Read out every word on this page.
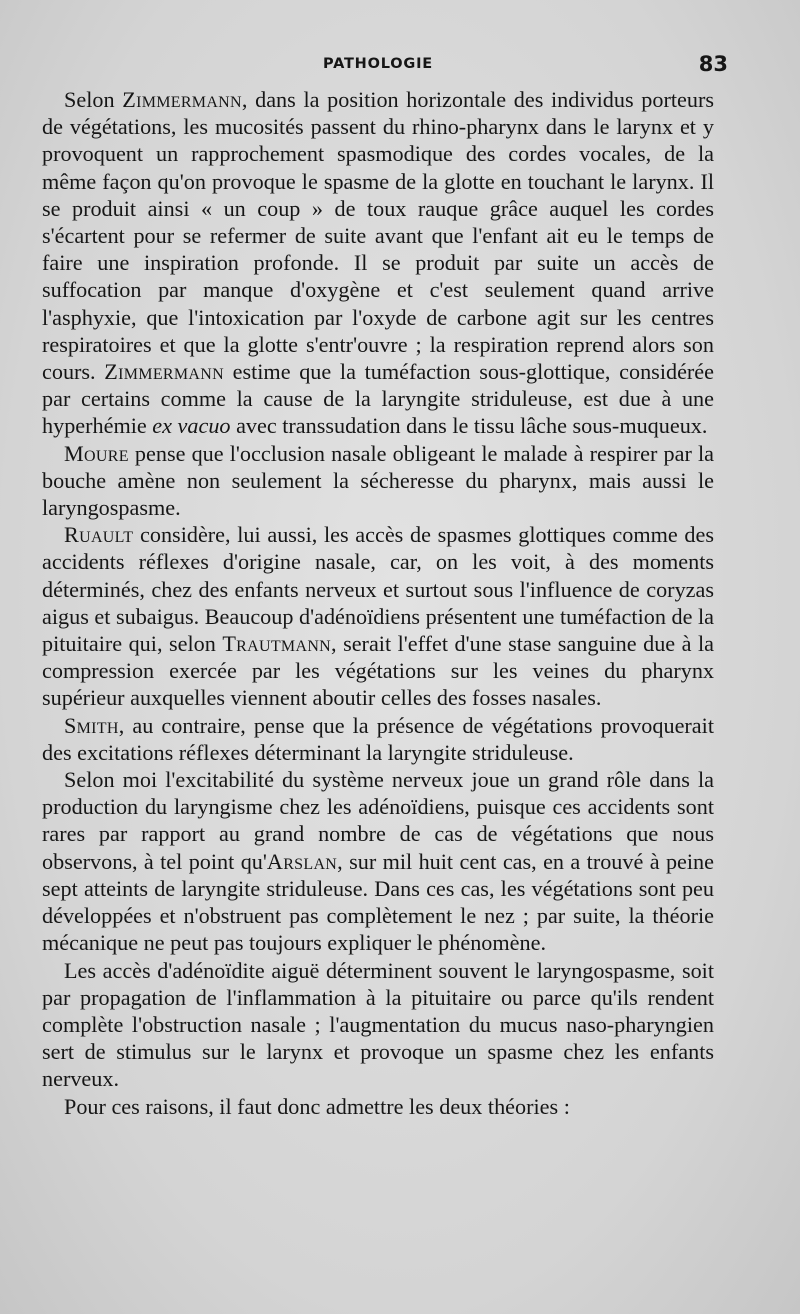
PATHOLOGIE	83

Selon Zimmermann, dans la position horizontale des individus porteurs de végétations, les mucosités passent du rhino-pharynx dans le larynx et y provoquent un rapprochement spasmodique des cordes vocales, de la même façon qu'on provoque le spasme de la glotte en touchant le larynx. Il se produit ainsi « un coup » de toux rauque grâce auquel les cordes s'écartent pour se refermer de suite avant que l'enfant ait eu le temps de faire une inspiration profonde. Il se produit par suite un accès de suffocation par manque d'oxygène et c'est seulement quand arrive l'asphyxie, que l'intoxication par l'oxyde de carbone agit sur les centres respiratoires et que la glotte s'entr'ouvre ; la respiration reprend alors son cours. Zimmermann estime que la tuméfaction sous-glottique, considérée par certains comme la cause de la laryngite striduleuse, est due à une hyperhémie ex vacuo avec transsudation dans le tissu lâche sous-muqueux.

Moure pense que l'occlusion nasale obligeant le malade à respirer par la bouche amène non seulement la sécheresse du pharynx, mais aussi le laryngospasme.

Ruault considère, lui aussi, les accès de spasmes glottiques comme des accidents réflexes d'origine nasale, car, on les voit, à des moments déterminés, chez des enfants nerveux et surtout sous l'influence de coryzas aigus et subaigus. Beaucoup d'adénoïdiens présentent une tuméfaction de la pituitaire qui, selon Trautmann, serait l'effet d'une stase sanguine due à la compression exercée par les végétations sur les veines du pharynx supérieur auxquelles viennent aboutir celles des fosses nasales.

Smith, au contraire, pense que la présence de végétations provoquerait des excitations réflexes déterminant la laryngite striduleuse.

Selon moi l'excitabilité du système nerveux joue un grand rôle dans la production du laryngisme chez les adénoïdiens, puisque ces accidents sont rares par rapport au grand nombre de cas de végétations que nous observons, à tel point qu'Arslan, sur mil huit cent cas, en a trouvé à peine sept atteints de laryngite striduleuse. Dans ces cas, les végétations sont peu développées et n'obstruent pas complètement le nez ; par suite, la théorie mécanique ne peut pas toujours expliquer le phénomène.

Les accès d'adénoïdite aiguë déterminent souvent le laryngospasme, soit par propagation de l'inflammation à la pituitaire ou parce qu'ils rendent complète l'obstruction nasale ; l'augmentation du mucus naso-pharyngien sert de stimulus sur le larynx et provoque un spasme chez les enfants nerveux.

Pour ces raisons, il faut donc admettre les deux théories :
